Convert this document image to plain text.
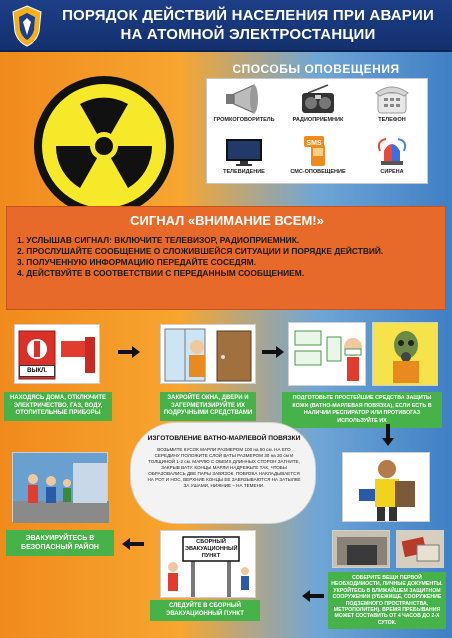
ПОРЯДОК ДЕЙСТВИЙ НАСЕЛЕНИЯ ПРИ АВАРИИ НА АТОМНОЙ ЭЛЕКТРОСТАНЦИИ
СПОСОБЫ ОПОВЕЩЕНИЯ
ГРОМКОГОВОРИТЕЛЬ	РАДИОПРИЕМНИК	ТЕЛЕФОН
ТЕЛЕВИДЕНИЕ
SMS
СМС-ОПОВЕЩЕНИЕ	СИРЕНА
СИГНАЛ «ВНИМАНИЕ ВСЕМ!»
1. УСЛЫШАВ СИГНАЛ: ВКЛЮЧИТЕ ТЕЛЕВИЗОР, РАДИОПРИЕМНИК.
2. ПРОСЛУШАЙТЕ СООБЩЕНИЕ О СЛОЖИВШЕЙСЯ СИТУАЦИИ И ПОРЯДКЕ ДЕЙСТВИЙ.
3. ПОЛУЧЕННУЮ ИНФОРМАЦИЮ ПЕРЕДАЙТЕ СОСЕДЯМ.
4. ДЕЙСТВУЙТЕ В СООТВЕТСТВИИ С ПЕРЕДАННЫМ СООБЩЕНИЕМ.
ВЫКЛ.
НАХОДЯСЬ ДОМА, ОТКЛЮЧИТЕ ЭЛЕКТРИЧЕСТВО, ГАЗ, ВОДУ, ОТОПИТЕЛЬНЫЕ ПРИБОРЫ
ЗАКРОЙТЕ ОКНА, ДВЕРИ И ЗАГЕРМЕТИЗИРУЙТЕ ИХ ПОДРУЧНЫМИ СРЕДСТВАМИ
ПОДГОТОВЬТЕ ПРОСТЕЙШИЕ СРЕДСТВА ЗАЩИТЫ КОЖИ (ВАТНО-МАРЛЕВАЯ ПОВЯЗКА), ЕСЛИ ЕСТЬ В НАЛИЧИИ РЕСПИРАТОР ИЛИ ПРОТИВОГАЗ ИСПОЛЬЗУЙТЕ ИХ
ИЗГОТОВЛЕНИЕ ВАТНО-МАРЛЕВОЙ ПОВЯЗКИ
ВОЗЬМИТЕ КУСОК МАРЛИ РАЗМЕРОМ 100 на 50 см. НА ЕГО СЕРЕДИНУ ПОЛОЖИТЕ СЛОЙ ВАТЫ РАЗМЕРОМ 30 на 20 см И ТОЛЩИНОЙ 1-2 см. МАРЛЮ С ОБЕИХ ДЛИННЫХ СТОРОН ЗАГНИТЕ, ЗАКРЫВ ВАТУ. КОНЦЫ МАРЛИ НАДРЕЖЬТЕ ТАК, ЧТОБЫ ОБРАЗОВАЛИСЬ ДВЕ ПАРЫ ЗАВЯЗОК. ПОВЯЗКА НАКЛАДЫВАЕТСЯ НА РОТ И НОС, ВЕРХНИЕ КОНЦЫ ЕЕ ЗАВЯЗЫВАЮТСЯ НА ЗАТЫЛКЕ ЗА УШАМИ, НИЖНИЕ – НА ТЕМЕНИ.
СОБЕРИТЕ ВЕЩИ ПЕРВОЙ НЕОБХОДИМОСТИ, ЛИЧНЫЕ ДОКУМЕНТЫ. УКРОЙТЕСЬ В БЛИЖАЙШЕМ ЗАЩИТНОМ СООРУЖЕНИИ (УБЕЖИЩЕ, СООРУЖЕНИЕ ПОДЗЕМНОГО ПРОСТРАНСТВА, МЕТРОПОЛИТЕН). ВРЕМЯ ПРЕБЫВАНИЯ МОЖЕТ СОСТАВИТЬ ОТ 4 ЧАСОВ ДО 2-Х СУТОК.
СБОРНЫЙ ЭВАКУАЦИОННЫЙ ПУНКТ
СЛЕДУЙТЕ В СБОРНЫЙ ЭВАКУАЦИОННЫЙ ПУНКТ
ЭВАКУИРУЙТЕСЬ В БЕЗОПАСНЫЙ РАЙОН
